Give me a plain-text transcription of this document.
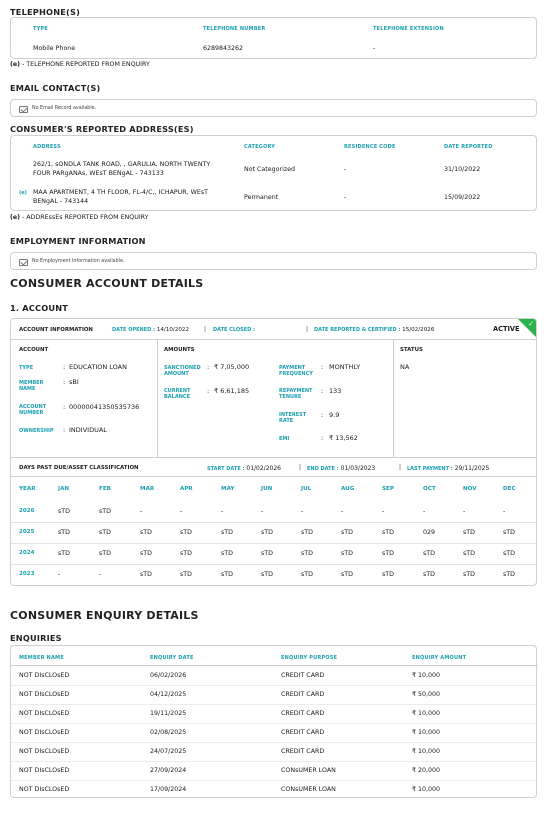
TELEPHONE(S)
TYPE	TELEPHONE NUMBER	TELEPHONE EXTENSION
Mobile Phone	6289843262	-
(e) - TELEPHONE REPORTED FROM ENQUIRY
EMAIL CONTACT(S)
No Email Record available.
CONSUMER'S REPORTED ADDRESS(ES)
ADDRESS	CATEGORY	RESIDENCE CODE	DATE REPORTED
262/1, sONDLA TANK ROAD, , GARULIA, NORTH TWENTY
FOUR PARgANAs, WEsT BENgAL - 743133	Not Categorized	-	31/10/2022
(e) MAA APARTMENT, 4 TH FLOOR, FL-4/C,, ICHAPUR, WEsT
BENgAL - 743144	Permanent	-	15/09/2022
(e) - ADDREssEs REPORTED FROM ENQUIRY
EMPLOYMENT INFORMATION
No Employment Information available.
CONSUMER ACCOUNT DETAILS
1. ACCOUNT
ACCOUNT INFORMATION	DATE OPENED : 14/10/2022 | DATE CLOSED :	| DATE REPORTED & CERTIFIED : 15/02/2026	ACTIVE
✓
ACCOUNT
TYPE	: EDUCATION LOAN
MEMBER
NAME
: sBI
ACCOUNT
NUMBER
: 00000041350535736
OWNERSHIP : INDIVIDUAL
AMOUNTS
SANCTIONED
AMOUNT
: ₹ 7,05,000
CURRENT
BALANCE
: ₹ 6,61,185
PAYMENT
FREQUENCY
: MONTHLY
REPAYMENT
TENURE
: 133
INTEREST
RATE
: 9.9
EMI	: ₹ 13,562
STATUS
NA
DAYS PAST DUE/ASSET CLASSIFICATION	START DATE : 01/02/2026	| END DATE : 01/03/2023	| LAST PAYMENT : 29/11/2025
YEAR	JAN	FEB	MAR	APR	MAY	JUN	JUL	AUG	SEP	OCT	NOV	DEC
2026	sTD	sTD	-	-	-	-	-	-	-	-	-	-
2025	sTD	sTD	sTD	sTD	sTD	sTD	sTD	sTD	sTD	029	sTD	sTD
2024	sTD	sTD	sTD	sTD	sTD	sTD	sTD	sTD	sTD	sTD	sTD	sTD
2023	-	-	sTD	sTD	sTD	sTD	sTD	sTD	sTD	sTD	sTD	sTD
CONSUMER ENQUIRY DETAILS
ENQUIRIES
MEMBER NAME	ENQUIRY DATE	ENQUIRY PURPOSE	ENQUIRY AMOUNT
NOT DIsCLOsED	06/02/2026	CREDIT CARD	₹ 10,000
NOT DIsCLOsED	04/12/2025	CREDIT CARD	₹ 50,000
NOT DIsCLOsED	19/11/2025	CREDIT CARD	₹ 10,000
NOT DIsCLOsED	02/08/2025	CREDIT CARD	₹ 10,000
NOT DIsCLOsED	24/07/2025	CREDIT CARD	₹ 10,000
NOT DIsCLOsED	27/09/2024	CONsUMER LOAN	₹ 20,000
NOT DIsCLOsED	17/09/2024	CONsUMER LOAN	₹ 10,000
